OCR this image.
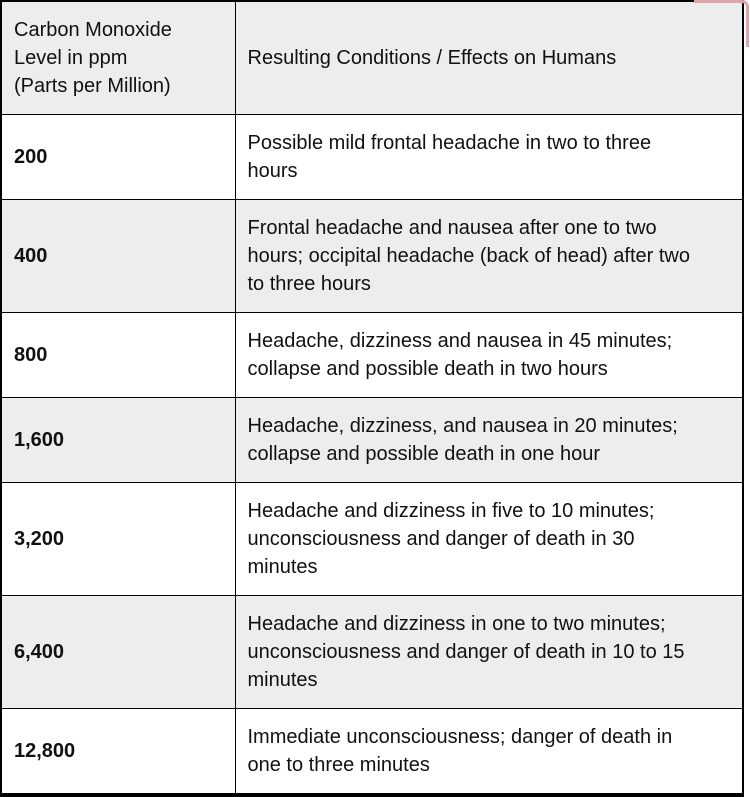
Carbon Monoxide Level in ppm (Parts per Million)	Resulting Conditions / Effects on Humans
200	Possible mild frontal headache in two to three hours
400	Frontal headache and nausea after one to two hours; occipital headache (back of head) after two to three hours
800	Headache, dizziness and nausea in 45 minutes; collapse and possible death in two hours
1,600	Headache, dizziness, and nausea in 20 minutes; collapse and possible death in one hour
3,200	Headache and dizziness in five to 10 minutes; unconsciousness and danger of death in 30 minutes
6,400	Headache and dizziness in one to two minutes; unconsciousness and danger of death in 10 to 15 minutes
12,800	Immediate unconsciousness; danger of death in one to three minutes
